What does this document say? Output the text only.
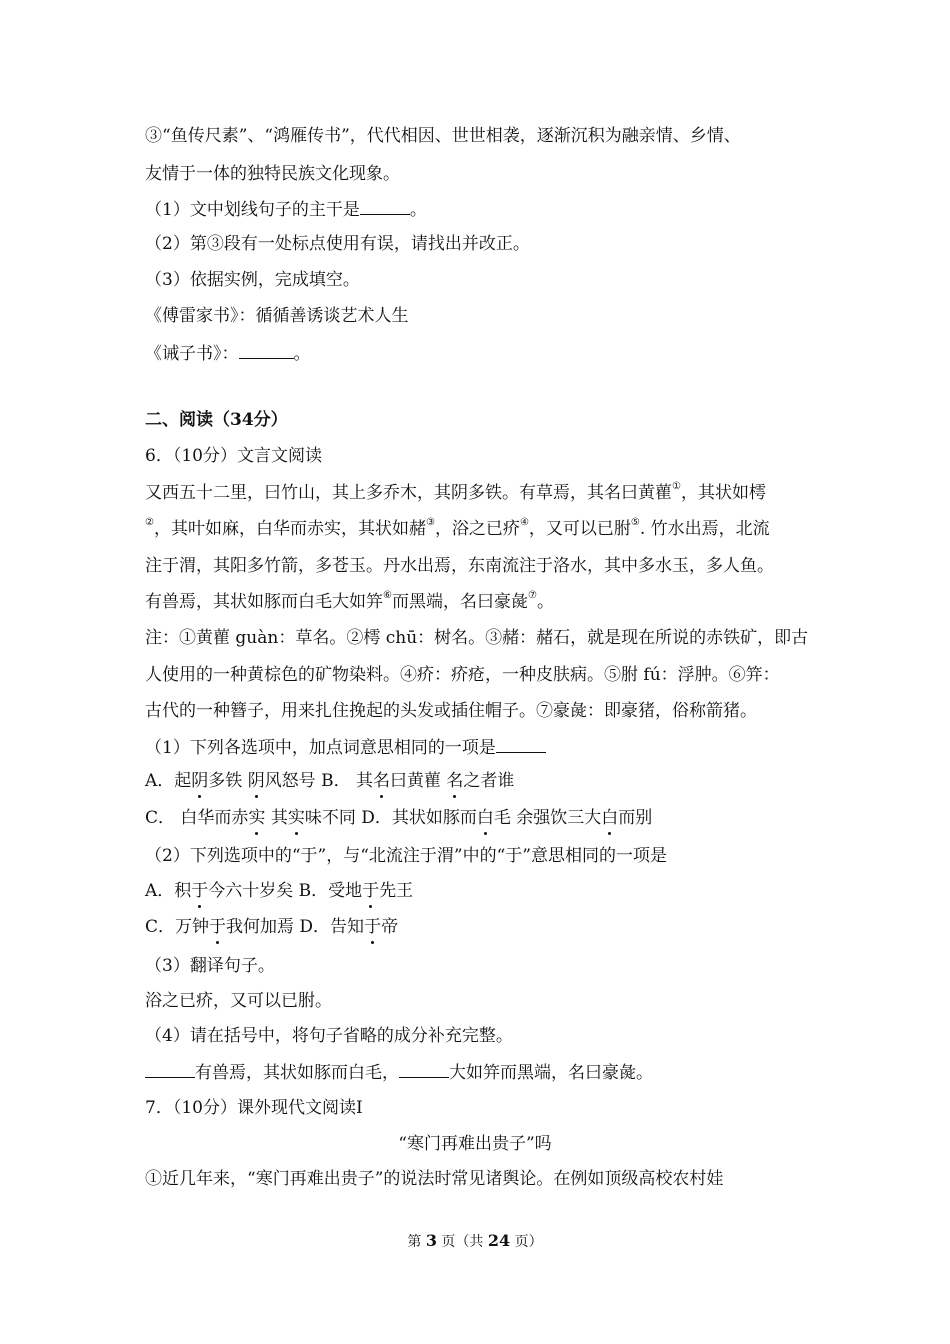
③“鱼传尺素”、“鸿雁传书”，代代相因、世世相袭，逐渐沉积为融亲情、乡情、
友情于一体的独特民族文化现象。
（1）文中划线句子的主干是	。
（2）第③段有一处标点使用有误，请找出并改正。
（3）依据实例，完成填空。
《傅雷家书》：循循善诱谈艺术人生
《诫子书》：	。
二、阅读（34分）
6．（10分）文言文阅读
又西五十二里，曰竹山，其上多乔木，其阴多铁。有草焉，其名曰黄雚①，其状如樗
②，其叶如麻，白华而赤实，其状如赭③，浴之已疥④，又可以已胕⑤. 竹水出焉，北流
注于渭，其阳多竹箭，多苍玉。丹水出焉，东南流注于洛水，其中多水玉，多人鱼。
有兽焉，其状如豚而白毛大如笄⑥而黑端，名曰豪彘⑦。
注：①黄雚 guàn：草名。②樗 chū：树名。③赭：赭石，就是现在所说的赤铁矿，即古
人使用的一种黄棕色的矿物染料。④疥：疥疮，一种皮肤病。⑤胕 fú：浮肿。⑥笄：
古代的一种簪子，用来扎住挽起的头发或插住帽子。⑦豪彘：即豪猪，俗称箭猪。
（1）下列各选项中，加点词意思相同的一项是
A．起阴多铁 阴风怒号 B． 其名曰黄雚 名之者谁
C． 白华而赤实 其实味不同 D．其状如豚而白毛 余强饮三大白而别
（2）下列选项中的“于”，与“北流注于渭”中的“于”意思相同的一项是
A．积于今六十岁矣 B．受地于先王
C．万钟于我何加焉 D．告知于帝
（3）翻译句子。
浴之已疥，又可以已胕。
（4）请在括号中，将句子省略的成分补充完整。
有兽焉，其状如豚而白毛，	大如笄而黑端，名曰豪彘。
7．（10分）课外现代文阅读Ⅰ
“寒门再难出贵子”吗
①近几年来，“寒门再难出贵子”的说法时常见诸舆论。在例如顶级高校农村娃
第 3 页（共 24 页）
